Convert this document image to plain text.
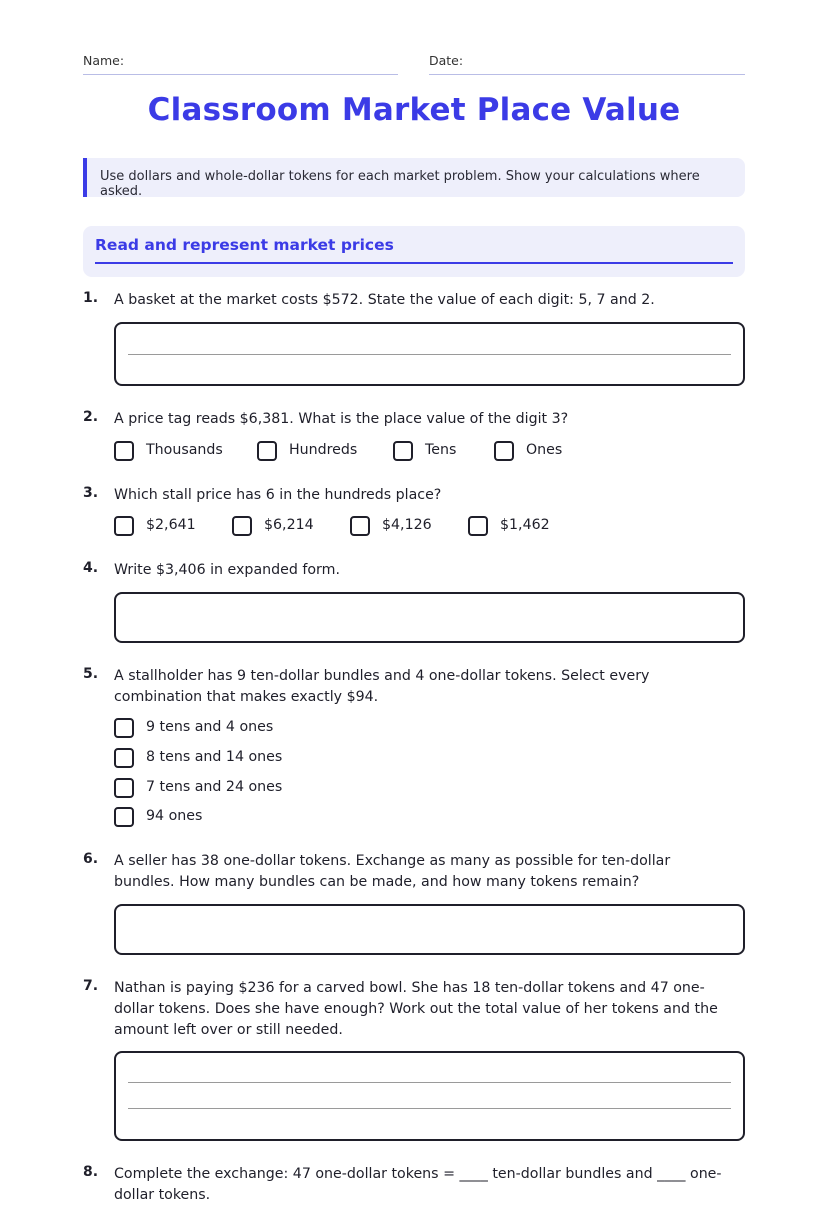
Name:	Date:
Classroom Market Place Value
Use dollars and whole-dollar tokens for each market problem. Show your calculations where asked.
Read and represent market prices
1. A basket at the market costs $572. State the value of each digit: 5, 7 and 2.
2. A price tag reads $6,381. What is the place value of the digit 3?
Thousands	Hundreds	Tens	Ones
3. Which stall price has 6 in the hundreds place?
$2,641	$6,214	$4,126	$1,462
4. Write $3,406 in expanded form.
5. A stallholder has 9 ten-dollar bundles and 4 one-dollar tokens. Select every combination that makes exactly $94.
9 tens and 4 ones
8 tens and 14 ones
7 tens and 24 ones
94 ones
6. A seller has 38 one-dollar tokens. Exchange as many as possible for ten-dollar bundles. How many bundles can be made, and how many tokens remain?
7. Nathan is paying $236 for a carved bowl. She has 18 ten-dollar tokens and 47 one-dollar tokens. Does she have enough? Work out the total value of her tokens and the amount left over or still needed.
8. Complete the exchange: 47 one-dollar tokens = ____ ten-dollar bundles and ____ one-dollar tokens.
